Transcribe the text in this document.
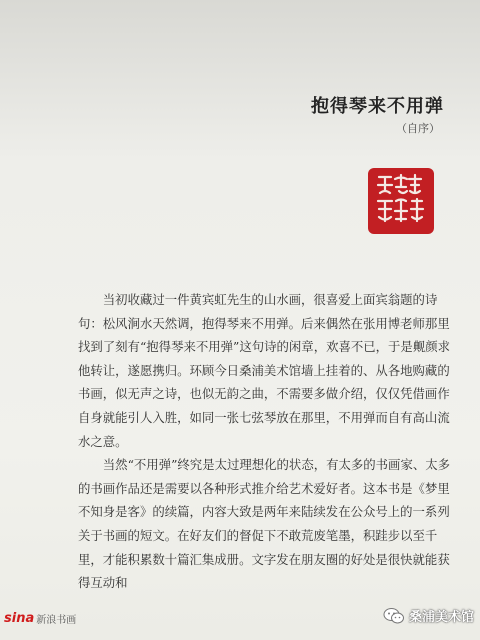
抱得琴来不用弹
（自序）

当初收藏过一件黄宾虹先生的山水画，很喜爱上面宾翁题的诗句：松风涧水天然调，抱得琴来不用弹。后来偶然在张用博老师那里找到了刻有“抱得琴来不用弹”这句诗的闲章，欢喜不已，于是觍颜求他转让，遂愿携归。环顾今日桑浦美术馆墙上挂着的、从各地购藏的书画，似无声之诗，也似无韵之曲，不需要多做介绍，仅仅凭借画作自身就能引人入胜，如同一张七弦琴放在那里，不用弹而自有高山流水之意。

当然“不用弹”终究是太过理想化的状态，有太多的书画家、太多的书画作品还是需要以各种形式推介给艺术爱好者。这本书是《梦里不知身是客》的续篇，内容大致是两年来陆续发在公众号上的一系列关于书画的短文。在好友们的督促下不敢荒废笔墨，积跬步以至千里，才能积累数十篇汇集成册。文字发在朋友圈的好处是很快就能获得互动和

sina 新浪书画	桑浦美术馆
